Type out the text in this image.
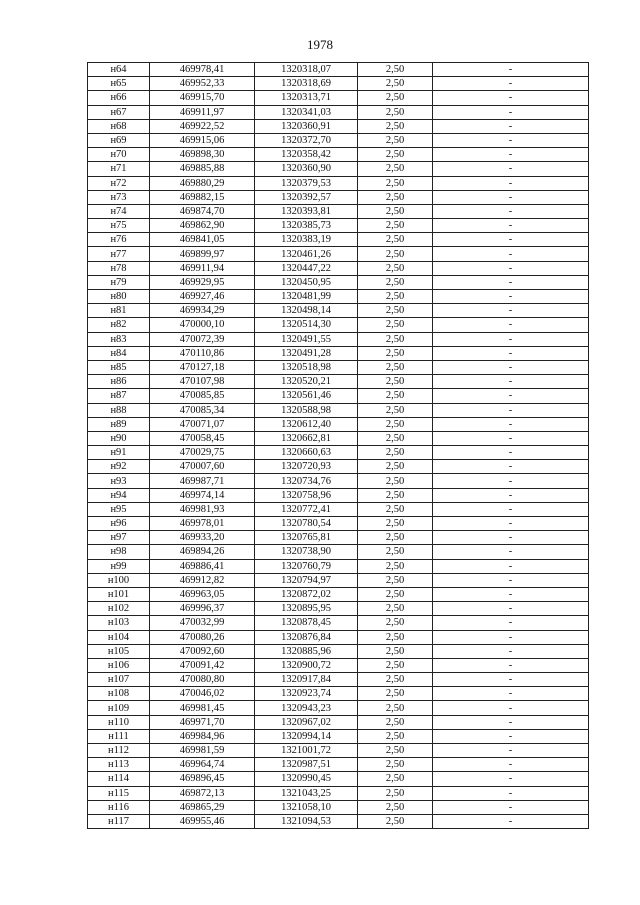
1978
н64	469978,41	1320318,07	2,50	-
н65	469952,33	1320318,69	2,50	-
н66	469915,70	1320313,71	2,50	-
н67	469911,97	1320341,03	2,50	-
н68	469922,52	1320360,91	2,50	-
н69	469915,06	1320372,70	2,50	-
н70	469898,30	1320358,42	2,50	-
н71	469885,88	1320360,90	2,50	-
н72	469880,29	1320379,53	2,50	-
н73	469882,15	1320392,57	2,50	-
н74	469874,70	1320393,81	2,50	-
н75	469862,90	1320385,73	2,50	-
н76	469841,05	1320383,19	2,50	-
н77	469899,97	1320461,26	2,50	-
н78	469911,94	1320447,22	2,50	-
н79	469929,95	1320450,95	2,50	-
н80	469927,46	1320481,99	2,50	-
н81	469934,29	1320498,14	2,50	-
н82	470000,10	1320514,30	2,50	-
н83	470072,39	1320491,55	2,50	-
н84	470110,86	1320491,28	2,50	-
н85	470127,18	1320518,98	2,50	-
н86	470107,98	1320520,21	2,50	-
н87	470085,85	1320561,46	2,50	-
н88	470085,34	1320588,98	2,50	-
н89	470071,07	1320612,40	2,50	-
н90	470058,45	1320662,81	2,50	-
н91	470029,75	1320660,63	2,50	-
н92	470007,60	1320720,93	2,50	-
н93	469987,71	1320734,76	2,50	-
н94	469974,14	1320758,96	2,50	-
н95	469981,93	1320772,41	2,50	-
н96	469978,01	1320780,54	2,50	-
н97	469933,20	1320765,81	2,50	-
н98	469894,26	1320738,90	2,50	-
н99	469886,41	1320760,79	2,50	-
н100	469912,82	1320794,97	2,50	-
н101	469963,05	1320872,02	2,50	-
н102	469996,37	1320895,95	2,50	-
н103	470032,99	1320878,45	2,50	-
н104	470080,26	1320876,84	2,50	-
н105	470092,60	1320885,96	2,50	-
н106	470091,42	1320900,72	2,50	-
н107	470080,80	1320917,84	2,50	-
н108	470046,02	1320923,74	2,50	-
н109	469981,45	1320943,23	2,50	-
н110	469971,70	1320967,02	2,50	-
н111	469984,96	1320994,14	2,50	-
н112	469981,59	1321001,72	2,50	-
н113	469964,74	1320987,51	2,50	-
н114	469896,45	1320990,45	2,50	-
н115	469872,13	1321043,25	2,50	-
н116	469865,29	1321058,10	2,50	-
н117	469955,46	1321094,53	2,50	-
